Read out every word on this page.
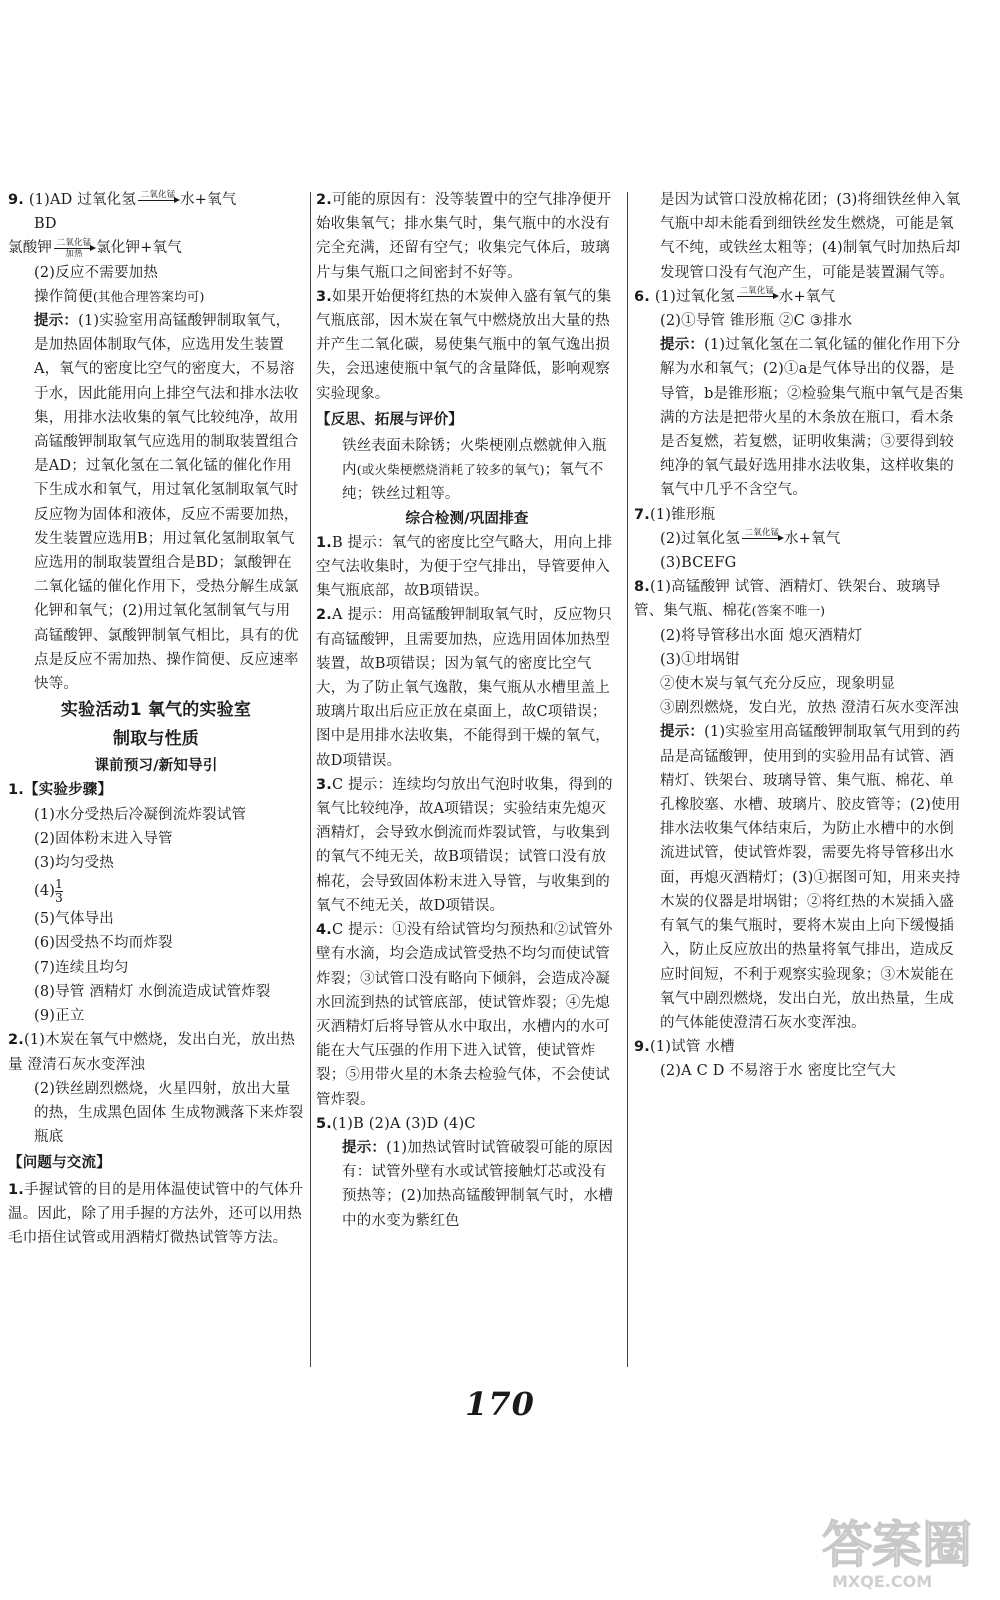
9. (1)AD 过氧化氢 二氧化锰
水+氧气
BD
氯酸钾 二氧化锰
加热 氯化钾+氧气
(2)反应不需要加热
操作简便(其他合理答案均可)
提示：(1)实验室用高锰酸钾制取氧气，是加热固体制取气体，应选用发生装置A，氧气的密度比空气的密度大，不易溶于水，因此能用向上排空气法和排水法收集，用排水法收集的氧气比较纯净，故用高锰酸钾制取氧气应选用的制取装置组合是AD；过氧化氢在二氧化锰的催化作用下生成水和氧气，用过氧化氢制取氧气时反应物为固体和液体，反应不需要加热，发生装置应选用B；用过氧化氢制取氧气应选用的制取装置组合是BD；氯酸钾在二氧化锰的催化作用下，受热分解生成氯化钾和氧气；(2)用过氧化氢制氧气与用高锰酸钾、氯酸钾制氧气相比，具有的优点是反应不需加热、操作简便、反应速率快等。
实验活动1 氧气的实验室
制取与性质
课前预习/新知导引
1.【实验步骤】
(1)水分受热后冷凝倒流炸裂试管
(2)固体粉末进入导管
(3)均匀受热
$(4) \frac{1}{3}$
(5)气体导出
(6)因受热不均而炸裂
(7)连续且均匀
(8)导管 酒精灯 水倒流造成试管炸裂
(9)正立
2.(1)木炭在氧气中燃烧，发出白光，放出热量 澄清石灰水变浑浊
(2)铁丝剧烈燃烧，火星四射，放出大量的热，生成黑色固体 生成物溅落下来炸裂瓶底
【问题与交流】
1.手握试管的目的是用体温使试管中的气体升温。因此，除了用手握的方法外，还可以用热毛巾捂住试管或用酒精灯微热试管等方法。
2.可能的原因有：没等装置中的空气排净便开始收集氧气；排水集气时，集气瓶中的水没有完全充满，还留有空气；收集完气体后，玻璃片与集气瓶口之间密封不好等。
3.如果开始便将红热的木炭伸入盛有氧气的集气瓶底部，因木炭在氧气中燃烧放出大量的热并产生二氧化碳，易使集气瓶中的氧气逸出损失，会迅速使瓶中氧气的含量降低，影响观察实验现象。
【反思、拓展与评价】
铁丝表面未除锈；火柴梗刚点燃就伸入瓶内(或火柴梗燃烧消耗了较多的氧气)；氧气不纯；铁丝过粗等。
综合检测/巩固排查
1.B 提示：氧气的密度比空气略大，用向上排空气法收集时，为便于空气排出，导管要伸入集气瓶底部，故B项错误。
2.A 提示：用高锰酸钾制取氧气时，反应物只有高锰酸钾，且需要加热，应选用固体加热型装置，故B项错误；因为氧气的密度比空气大，为了防止氧气逸散，集气瓶从水槽里盖上玻璃片取出后应正放在桌面上，故C项错误；图中是用排水法收集，不能得到干燥的氧气，故D项错误。
3.C 提示：连续均匀放出气泡时收集，得到的氧气比较纯净，故A项错误；实验结束先熄灭酒精灯，会导致水倒流而炸裂试管，与收集到的氧气不纯无关，故B项错误；试管口没有放棉花，会导致固体粉末进入导管，与收集到的氧气不纯无关，故D项错误。
4.C 提示：①没有给试管均匀预热和②试管外壁有水滴，均会造成试管受热不均匀而使试管炸裂；③试管口没有略向下倾斜，会造成冷凝水回流到热的试管底部，使试管炸裂；④先熄灭酒精灯后将导管从水中取出，水槽内的水可能在大气压强的作用下进入试管，使试管炸裂；⑤用带火星的木条去检验气体，不会使试管炸裂。
5.(1)B (2)A (3)D (4)C
提示：(1)加热试管时试管破裂可能的原因有：试管外壁有水或试管接触灯芯或没有预热等；(2)加热高锰酸钾制氧气时，水槽中的水变为紫红色
是因为试管口没放棉花团；(3)将细铁丝伸入氧气瓶中却未能看到细铁丝发生燃烧，可能是氧气不纯，或铁丝太粗等；(4)制氧气时加热后却发现管口没有气泡产生，可能是装置漏气等。
6. (1)过氧化氢 二氧化锰
水+氧气
(2)①导管 锥形瓶 ②C ③排水
提示：(1)过氧化氢在二氧化锰的催化作用下分解为水和氧气；(2)①a是气体导出的仪器，是导管，b是锥形瓶；②检验集气瓶中氧气是否集满的方法是把带火星的木条放在瓶口，看木条是否复燃，若复燃，证明收集满；③要得到较纯净的氧气最好选用排水法收集，这样收集的氧气中几乎不含空气。
7.(1)锥形瓶
(2)过氧化氢 二氧化锰
水+氧气
(3)BCEFG
8.(1)高锰酸钾 试管、酒精灯、铁架台、玻璃导管、集气瓶、棉花(答案不唯一)
(2)将导管移出水面 熄灭酒精灯
(3)①坩埚钳
②使木炭与氧气充分反应，现象明显
③剧烈燃烧，发白光，放热 澄清石灰水变浑浊
提示：(1)实验室用高锰酸钾制取氧气用到的药品是高锰酸钾，使用到的实验用品有试管、酒精灯、铁架台、玻璃导管、集气瓶、棉花、单孔橡胶塞、水槽、玻璃片、胶皮管等；(2)使用排水法收集气体结束后，为防止水槽中的水倒流进试管，使试管炸裂，需要先将导管移出水面，再熄灭酒精灯；(3)①据图可知，用来夹持木炭的仪器是坩埚钳；②将红热的木炭插入盛有氧气的集气瓶时，要将木炭由上向下缓慢插入，防止反应放出的热量将氧气排出，造成反应时间短，不利于观察实验现象；③木炭能在氧气中剧烈燃烧，发出白光，放出热量，生成的气体能使澄清石灰水变浑浊。
9.(1)试管 水槽
(2)A C D 不易溶于水 密度比空气大
170
答案圈
MXQE.COM
